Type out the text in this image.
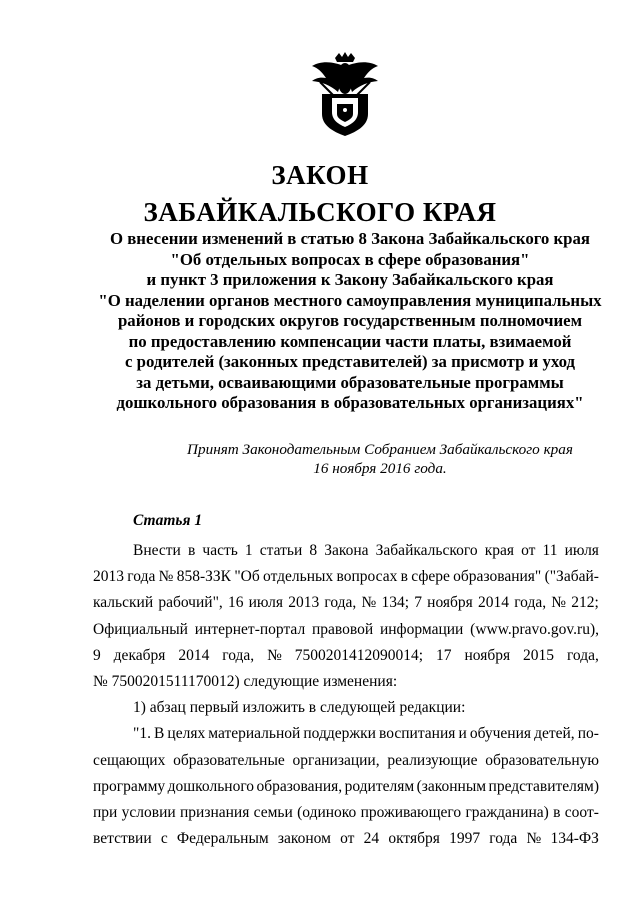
ЗАКОН
ЗАБАЙКАЛЬСКОГО КРАЯ
О внесении изменений в статью 8 Закона Забайкальского края
"Об отдельных вопросах в сфере образования"
и пункт 3 приложения к Закону Забайкальского края
"О наделении органов местного самоуправления муниципальных
районов и городских округов государственным полномочием
по предоставлению компенсации части платы, взимаемой
с родителей (законных представителей) за присмотр и уход
за детьми, осваивающими образовательные программы
дошкольного образования в образовательных организациях"
Принят Законодательным Собранием Забайкальского края
16 ноября 2016 года.
Статья 1
Внести в часть 1 статьи 8 Закона Забайкальского края от 11 июля
2013 года № 858-ЗЗК "Об отдельных вопросах в сфере образования" ("Забай-
кальский рабочий", 16 июля 2013 года, № 134; 7 ноября 2014 года, № 212;
Официальный интернет-портал правовой информации (www.pravo.gov.ru),
9 декабря 2014 года, № 7500201412090014; 17 ноября 2015 года,
№ 7500201511170012) следующие изменения:
1) абзац первый изложить в следующей редакции:
"1. В целях материальной поддержки воспитания и обучения детей, по-
сещающих образовательные организации, реализующие образовательную
программу дошкольного образования, родителям (законным представителям)
при условии признания семьи (одиноко проживающего гражданина) в соот-
ветствии с Федеральным законом от 24 октября 1997 года № 134-ФЗ
